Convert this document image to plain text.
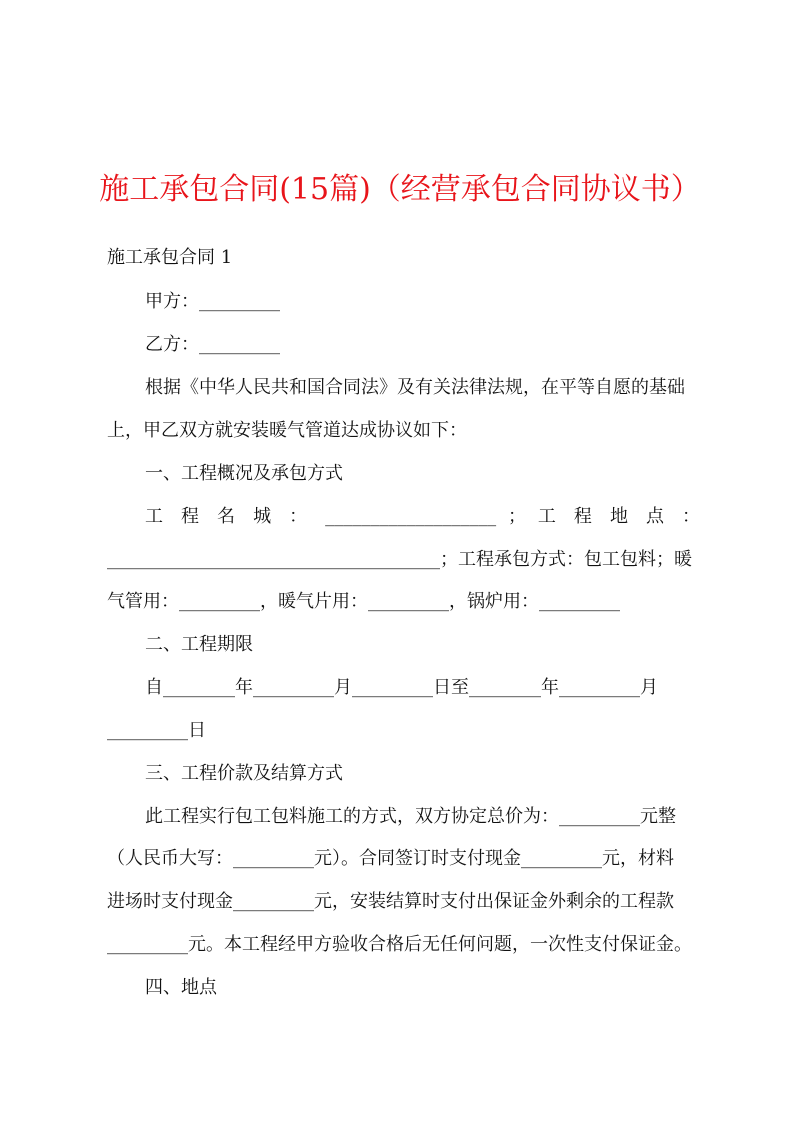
施工承包合同(15篇)（经营承包合同协议书）
施工承包合同 1
甲方：_________
乙方：_________
根据《中华人民共和国合同法》及有关法律法规，在平等自愿的基础
上，甲乙双方就安装暖气管道达成协议如下：
一、工程概况及承包方式
工 程 名 城 ： ___________________ ； 工 程 地 点 ：
_____________________________________；工程承包方式：包工包料；暖
气管用：_________，暖气片用：_________，锅炉用：_________
二、工程期限
自________年_________月_________日至________年_________月
_________日
三、工程价款及结算方式
此工程实行包工包料施工的方式，双方协定总价为：_________元整
（人民币大写：_________元）。合同签订时支付现金_________元，材料
进场时支付现金_________元，安装结算时支付出保证金外剩余的工程款
_________元。本工程经甲方验收合格后无任何问题，一次性支付保证金。
四、地点
